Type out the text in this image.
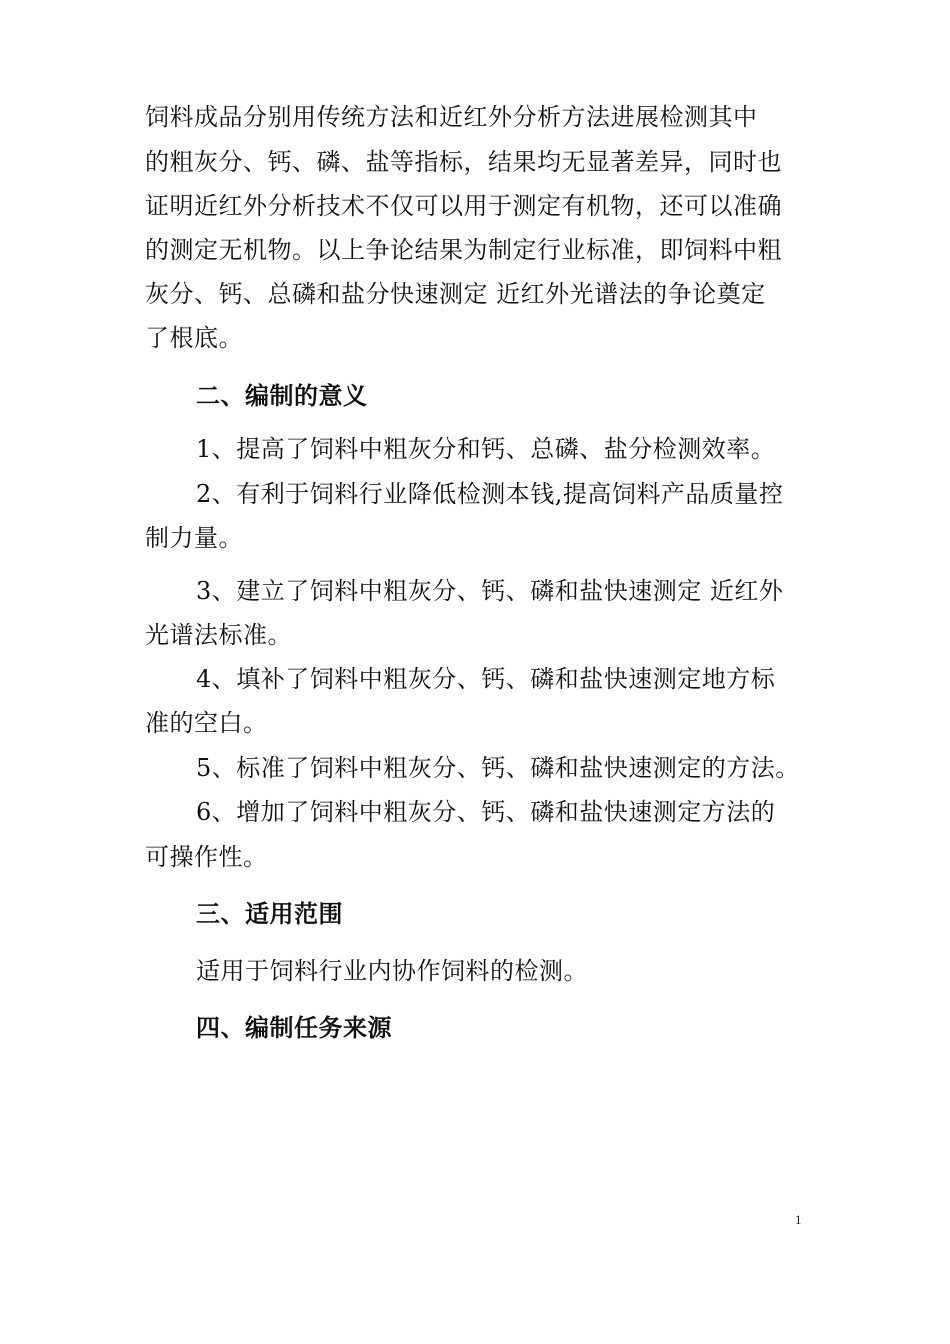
饲料成品分别用传统方法和近红外分析方法进展检测其中
的粗灰分、钙、磷、盐等指标，结果均无显著差异，同时也
证明近红外分析技术不仅可以用于测定有机物，还可以准确
的测定无机物。以上争论结果为制定行业标准，即饲料中粗
灰分、钙、总磷和盐分快速测定 近红外光谱法的争论奠定
了根底。
二、编制的意义
1、提高了饲料中粗灰分和钙、总磷、盐分检测效率。
2、有利于饲料行业降低检测本钱,提高饲料产品质量控
制力量。
3、建立了饲料中粗灰分、钙、磷和盐快速测定 近红外
光谱法标准。
4、填补了饲料中粗灰分、钙、磷和盐快速测定地方标
准的空白。
5、标准了饲料中粗灰分、钙、磷和盐快速测定的方法。
6、增加了饲料中粗灰分、钙、磷和盐快速测定方法的
可操作性。
三、适用范围
适用于饲料行业内协作饲料的检测。
四、编制任务来源
1
